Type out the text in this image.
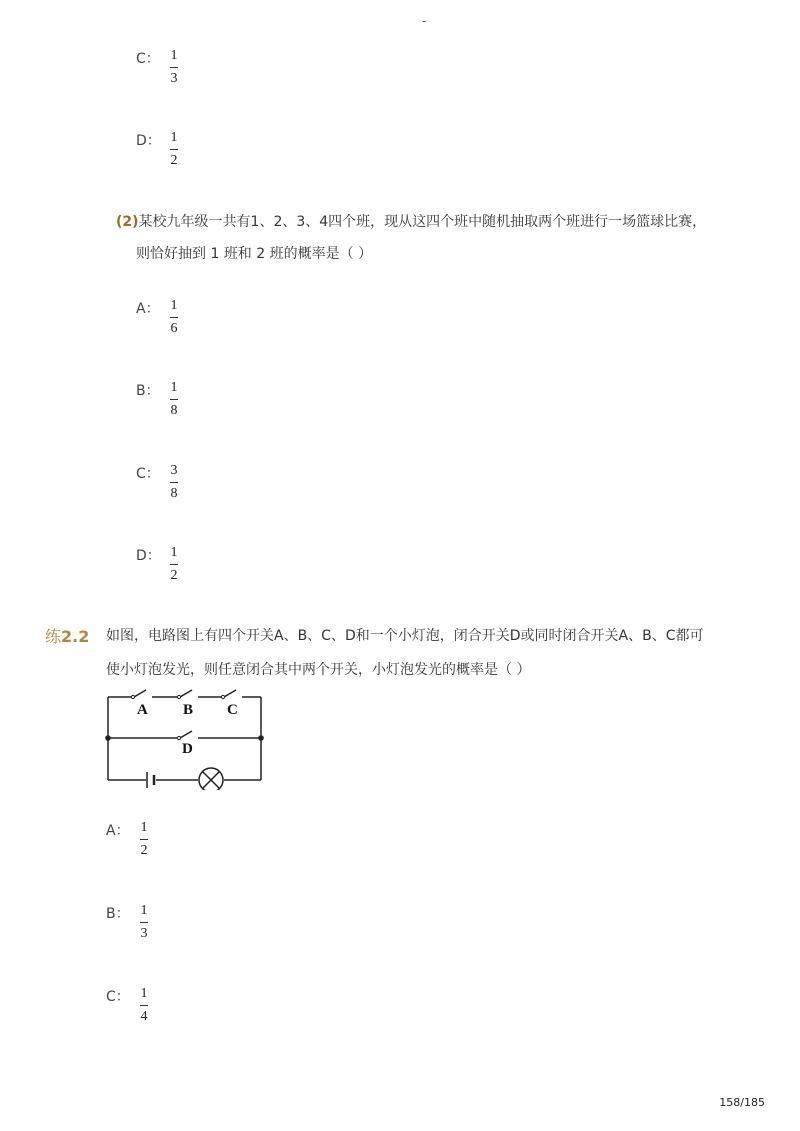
-
C： 1
3
D： 1
2
(2)某校九年级一共有1、2、3、4四个班，现从这四个班中随机抽取两个班进行一场篮球比赛，
则恰好抽到 1 班和 2 班的概率是（ ）
A： 1
6
B： 1
8
C： 3
8
D： 1
2
练2.2 如图，电路图上有四个开关A、B、C、D和一个小灯泡，闭合开关D或同时闭合开关A、B、C都可
使小灯泡发光，则任意闭合其中两个开关，小灯泡发光的概率是（ ）
A B C
D
A： 1
2
B： 1
3
C： 1
4
158/185
